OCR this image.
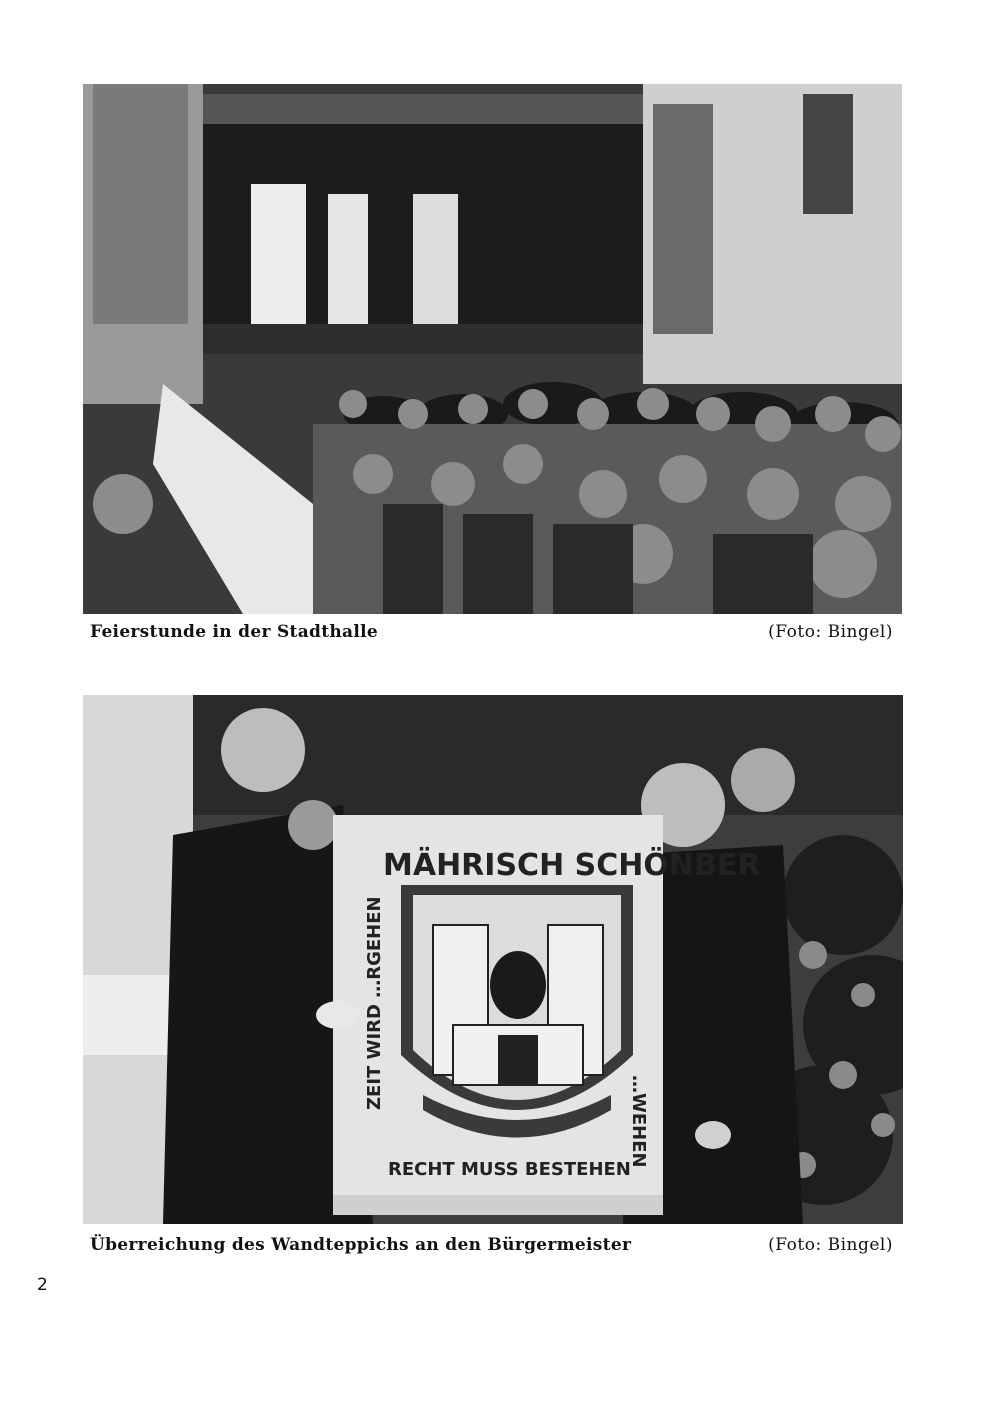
Feierstunde in der Stadthalle	(Foto: Bingel)
MÄHRISCH SCHÖNBER
RECHT MUSS BESTEHEN
ZEIT WIRD …RGEHEN
…WEHEN
Überreichung des Wandteppichs an den Bürgermeister	(Foto: Bingel)
2
